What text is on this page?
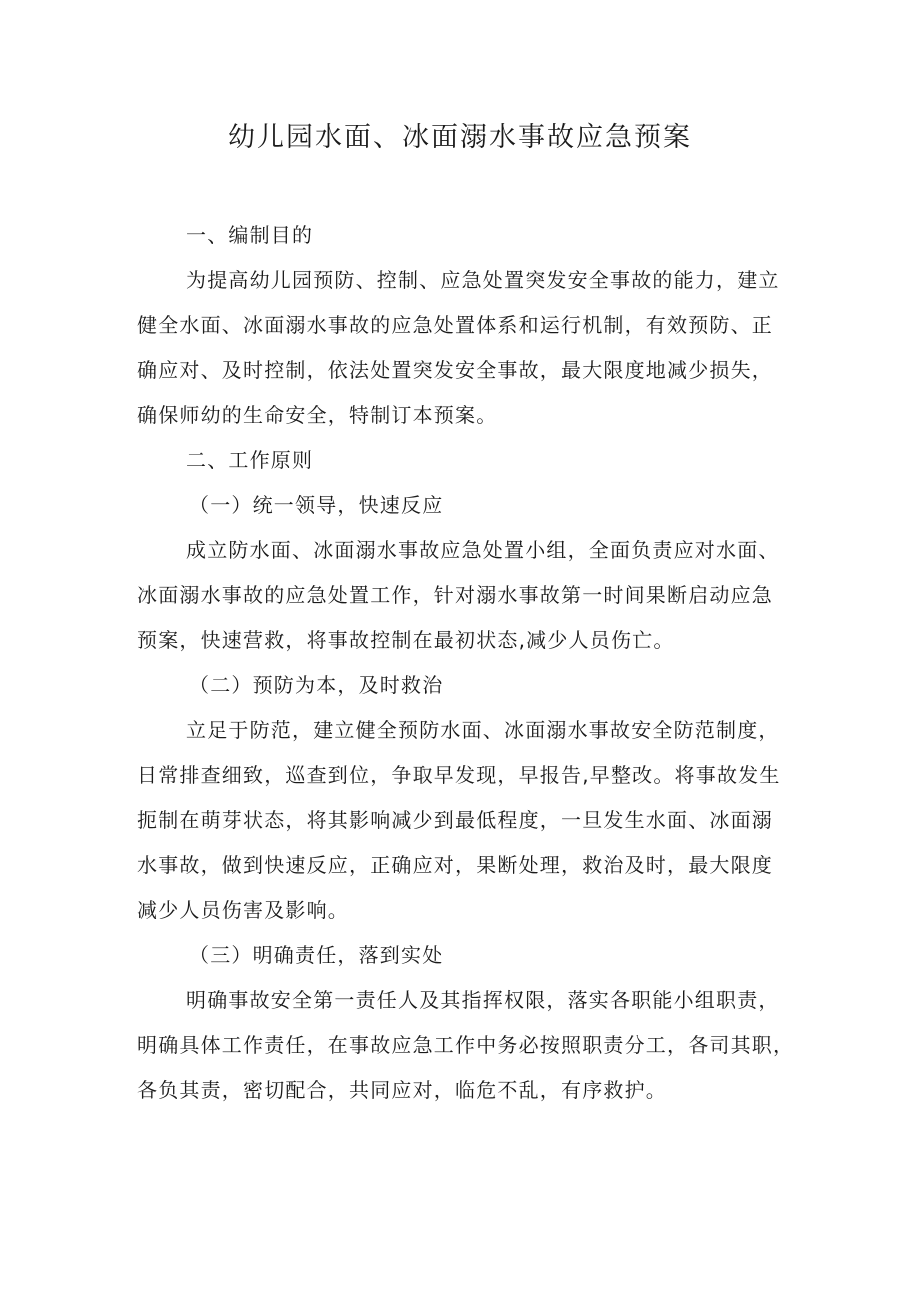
幼儿园水面、冰面溺水事故应急预案

一、编制目的

为提高幼儿园预防、控制、应急处置突发安全事故的能力，建立
健全水面、冰面溺水事故的应急处置体系和运行机制，有效预防、正
确应对、及时控制，依法处置突发安全事故，最大限度地减少损失，
确保师幼的生命安全，特制订本预案。

二、工作原则

（一）统一领导，快速反应

成立防水面、冰面溺水事故应急处置小组，全面负责应对水面、
冰面溺水事故的应急处置工作，针对溺水事故第一时间果断启动应急
预案，快速营救，将事故控制在最初状态,减少人员伤亡。

（二）预防为本，及时救治

立足于防范，建立健全预防水面、冰面溺水事故安全防范制度，
日常排查细致，巡查到位，争取早发现，早报告,早整改。将事故发生
扼制在萌芽状态，将其影响减少到最低程度，一旦发生水面、冰面溺
水事故，做到快速反应，正确应对，果断处理，救治及时，最大限度
减少人员伤害及影响。

（三）明确责任，落到实处

明确事故安全第一责任人及其指挥权限，落实各职能小组职责，
明确具体工作责任，在事故应急工作中务必按照职责分工，各司其职，
各负其责，密切配合，共同应对，临危不乱，有序救护。
